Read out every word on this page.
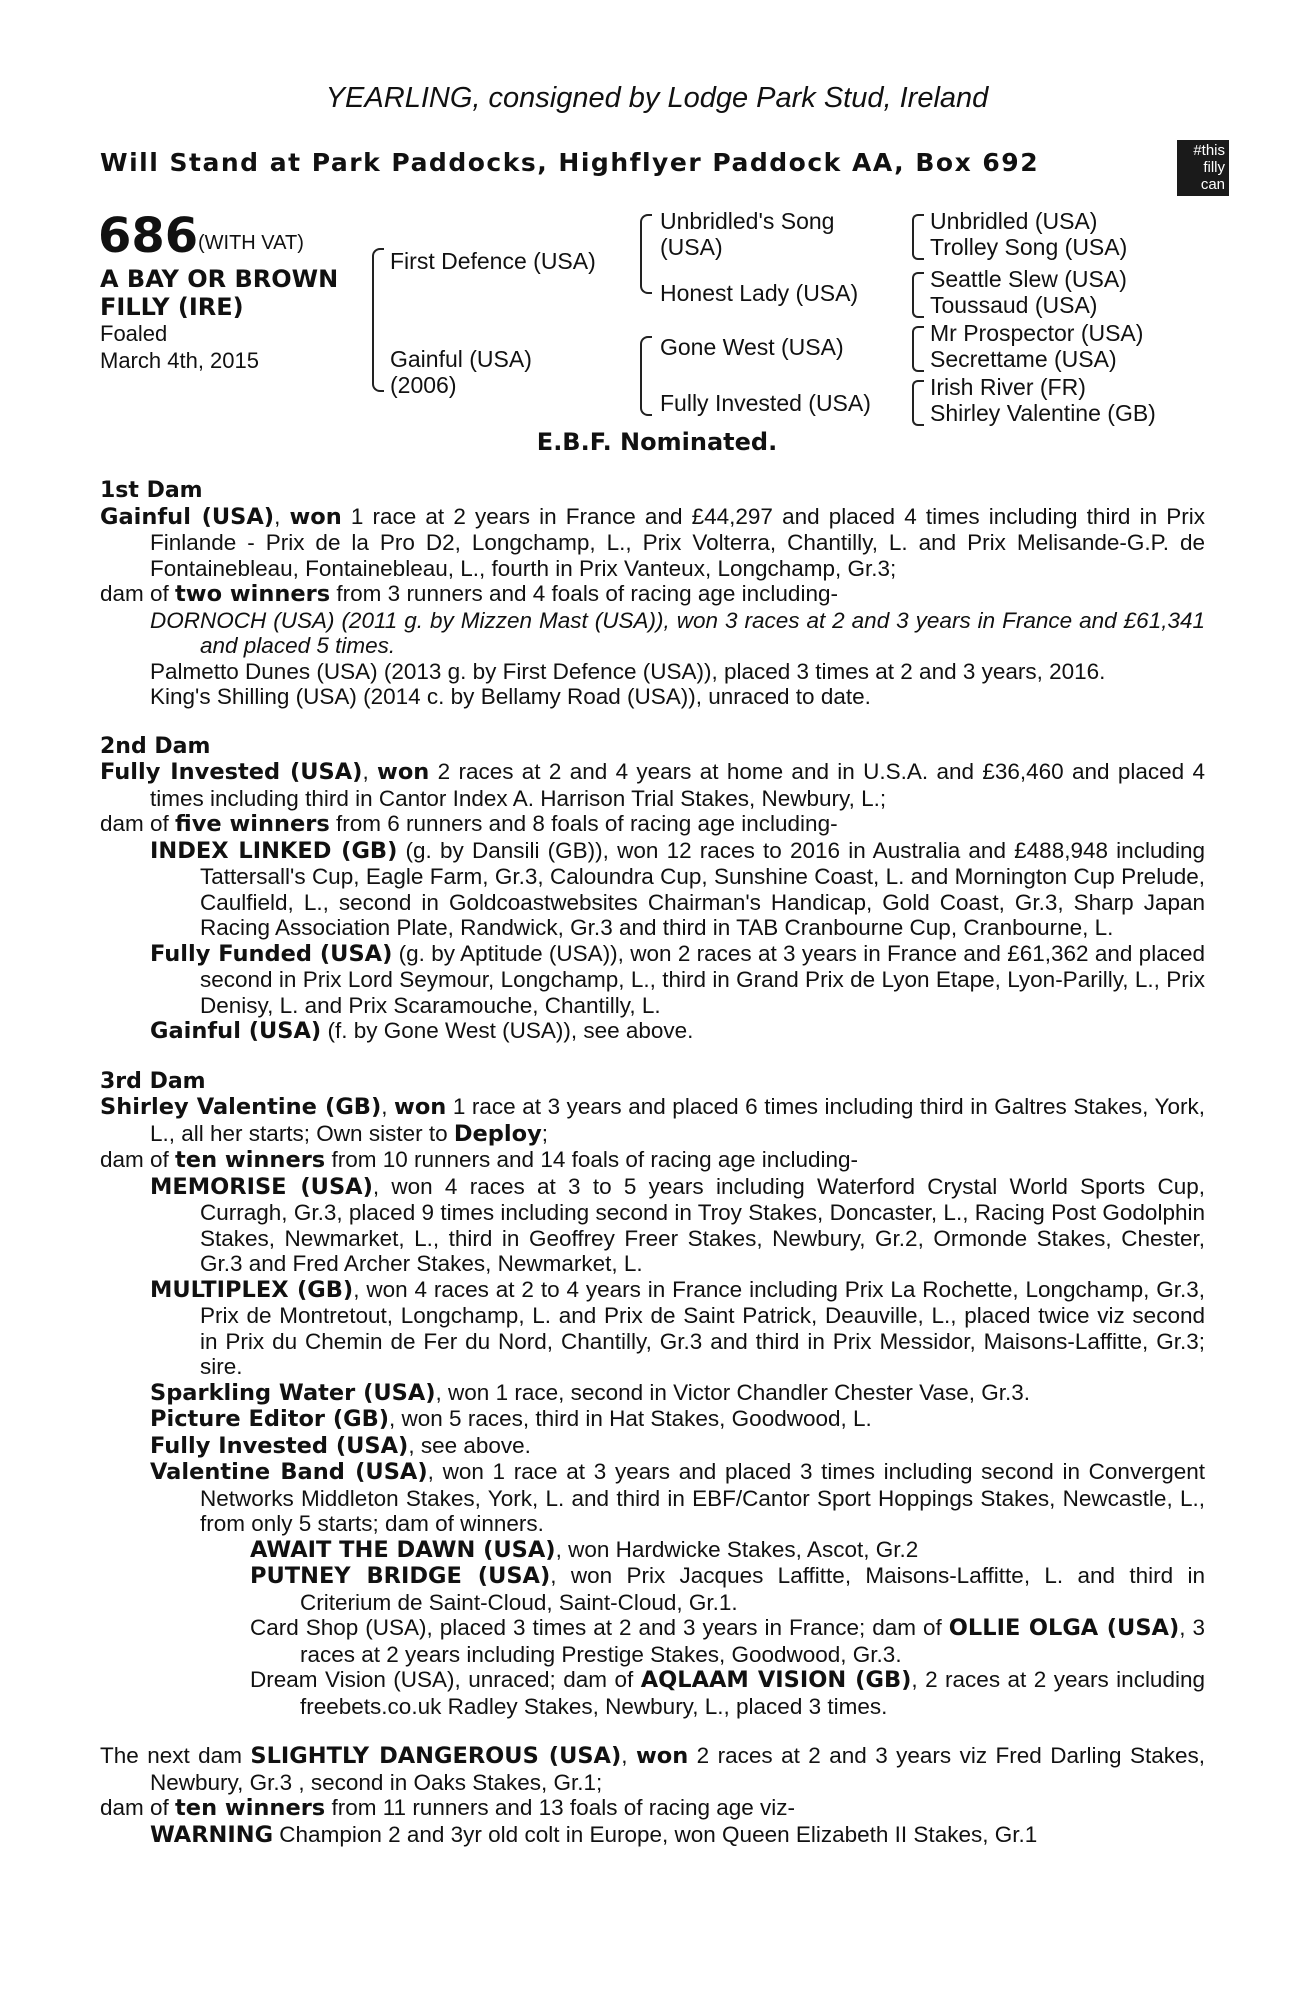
YEARLING, consigned by Lodge Park Stud, Ireland
Will Stand at Park Paddocks, Highflyer Paddock AA, Box 692	#this
filly
can
686 (WITH VAT)
A BAY OR BROWN FILLY (IRE)
Foaled
March 4th, 2015
First Defence (USA)
Gainful (USA)
(2006)
Unbridled's Song (USA)
Honest Lady (USA)
Gone West (USA)
Fully Invested (USA)
Unbridled (USA)
Trolley Song (USA)
Seattle Slew (USA)
Toussaud (USA)
Mr Prospector (USA)
Secrettame (USA)
Irish River (FR)
Shirley Valentine (GB)
E.B.F. Nominated.
1st Dam
Gainful (USA), won 1 race at 2 years in France and £44,297 and placed 4 times including third in Prix Finlande - Prix de la Pro D2, Longchamp, L., Prix Volterra, Chantilly, L. and Prix Melisande-G.P. de Fontainebleau, Fontainebleau, L., fourth in Prix Vanteux, Longchamp, Gr.3;
dam of two winners from 3 runners and 4 foals of racing age including-
DORNOCH (USA) (2011 g. by Mizzen Mast (USA)), won 3 races at 2 and 3 years in France and £61,341 and placed 5 times.
Palmetto Dunes (USA) (2013 g. by First Defence (USA)), placed 3 times at 2 and 3 years, 2016.
King's Shilling (USA) (2014 c. by Bellamy Road (USA)), unraced to date.
2nd Dam
Fully Invested (USA), won 2 races at 2 and 4 years at home and in U.S.A. and £36,460 and placed 4 times including third in Cantor Index A. Harrison Trial Stakes, Newbury, L.;
dam of five winners from 6 runners and 8 foals of racing age including-
INDEX LINKED (GB) (g. by Dansili (GB)), won 12 races to 2016 in Australia and £488,948 including Tattersall's Cup, Eagle Farm, Gr.3, Caloundra Cup, Sunshine Coast, L. and Mornington Cup Prelude, Caulfield, L., second in Goldcoastwebsites Chairman's Handicap, Gold Coast, Gr.3, Sharp Japan Racing Association Plate, Randwick, Gr.3 and third in TAB Cranbourne Cup, Cranbourne, L.
Fully Funded (USA) (g. by Aptitude (USA)), won 2 races at 3 years in France and £61,362 and placed second in Prix Lord Seymour, Longchamp, L., third in Grand Prix de Lyon Etape, Lyon-Parilly, L., Prix Denisy, L. and Prix Scaramouche, Chantilly, L.
Gainful (USA) (f. by Gone West (USA)), see above.
3rd Dam
Shirley Valentine (GB), won 1 race at 3 years and placed 6 times including third in Galtres Stakes, York, L., all her starts; Own sister to Deploy;
dam of ten winners from 10 runners and 14 foals of racing age including-
MEMORISE (USA), won 4 races at 3 to 5 years including Waterford Crystal World Sports Cup, Curragh, Gr.3, placed 9 times including second in Troy Stakes, Doncaster, L., Racing Post Godolphin Stakes, Newmarket, L., third in Geoffrey Freer Stakes, Newbury, Gr.2, Ormonde Stakes, Chester, Gr.3 and Fred Archer Stakes, Newmarket, L.
MULTIPLEX (GB), won 4 races at 2 to 4 years in France including Prix La Rochette, Longchamp, Gr.3, Prix de Montretout, Longchamp, L. and Prix de Saint Patrick, Deauville, L., placed twice viz second in Prix du Chemin de Fer du Nord, Chantilly, Gr.3 and third in Prix Messidor, Maisons-Laffitte, Gr.3; sire.
Sparkling Water (USA), won 1 race, second in Victor Chandler Chester Vase, Gr.3.
Picture Editor (GB), won 5 races, third in Hat Stakes, Goodwood, L.
Fully Invested (USA), see above.
Valentine Band (USA), won 1 race at 3 years and placed 3 times including second in Convergent Networks Middleton Stakes, York, L. and third in EBF/Cantor Sport Hoppings Stakes, Newcastle, L., from only 5 starts; dam of winners.
AWAIT THE DAWN (USA), won Hardwicke Stakes, Ascot, Gr.2
PUTNEY BRIDGE (USA), won Prix Jacques Laffitte, Maisons-Laffitte, L. and third in Criterium de Saint-Cloud, Saint-Cloud, Gr.1.
Card Shop (USA), placed 3 times at 2 and 3 years in France; dam of OLLIE OLGA (USA), 3 races at 2 years including Prestige Stakes, Goodwood, Gr.3.
Dream Vision (USA), unraced; dam of AQLAAM VISION (GB), 2 races at 2 years including freebets.co.uk Radley Stakes, Newbury, L., placed 3 times.
The next dam SLIGHTLY DANGEROUS (USA), won 2 races at 2 and 3 years viz Fred Darling Stakes, Newbury, Gr.3 , second in Oaks Stakes, Gr.1;
dam of ten winners from 11 runners and 13 foals of racing age viz-
WARNING Champion 2 and 3yr old colt in Europe, won Queen Elizabeth II Stakes, Gr.1
